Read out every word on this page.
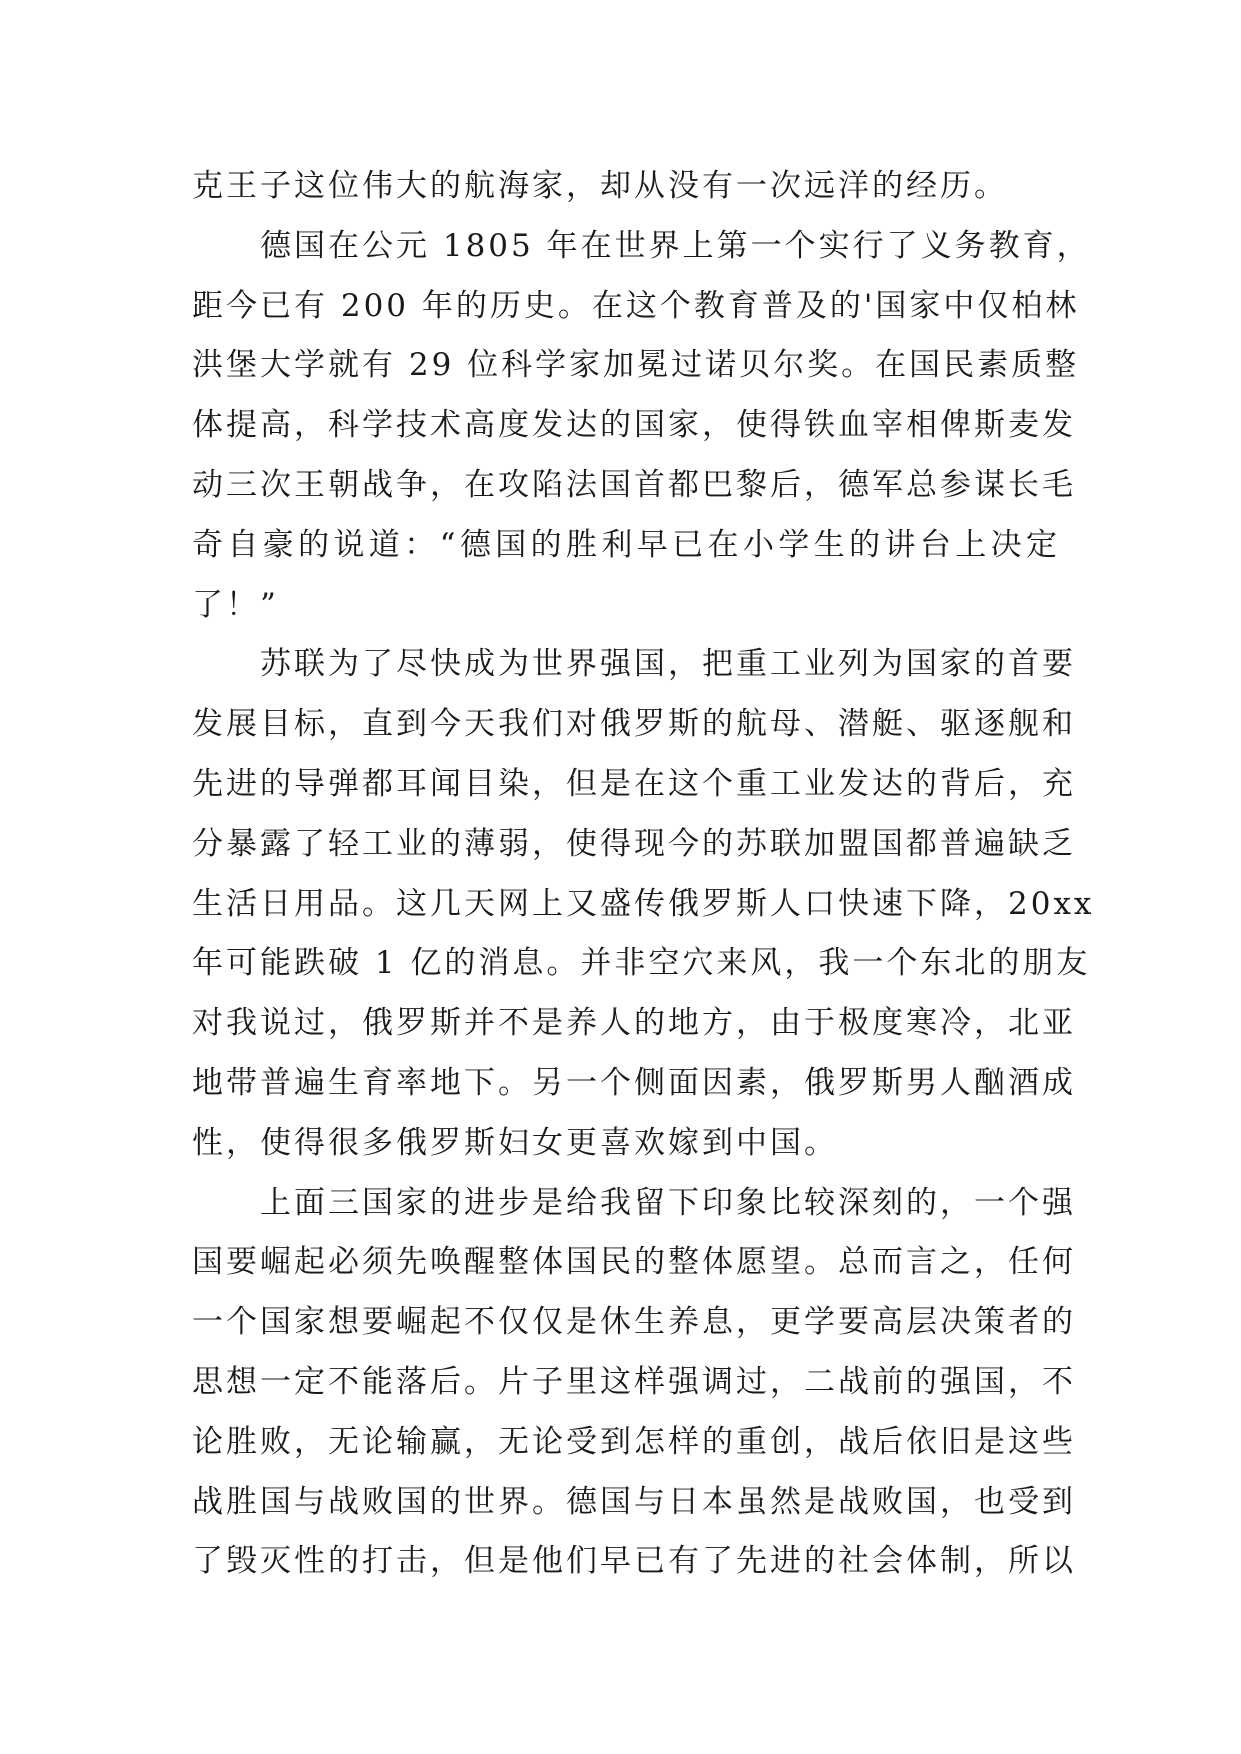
克王子这位伟大的航海家，却从没有一次远洋的经历。
德国在公元 1805 年在世界上第一个实行了义务教育，
距今已有 200 年的历史。在这个教育普及的'国家中仅柏林
洪堡大学就有 29 位科学家加冕过诺贝尔奖。在国民素质整
体提高，科学技术高度发达的国家，使得铁血宰相俾斯麦发
动三次王朝战争，在攻陷法国首都巴黎后，德军总参谋长毛
奇自豪的说道：“德国的胜利早已在小学生的讲台上决定
了！”
苏联为了尽快成为世界强国，把重工业列为国家的首要
发展目标，直到今天我们对俄罗斯的航母、潜艇、驱逐舰和
先进的导弹都耳闻目染，但是在这个重工业发达的背后，充
分暴露了轻工业的薄弱，使得现今的苏联加盟国都普遍缺乏
生活日用品。这几天网上又盛传俄罗斯人口快速下降，20xx
年可能跌破 1 亿的消息。并非空穴来风，我一个东北的朋友
对我说过，俄罗斯并不是养人的地方，由于极度寒冷，北亚
地带普遍生育率地下。另一个侧面因素，俄罗斯男人酗酒成
性，使得很多俄罗斯妇女更喜欢嫁到中国。
上面三国家的进步是给我留下印象比较深刻的，一个强
国要崛起必须先唤醒整体国民的整体愿望。总而言之，任何
一个国家想要崛起不仅仅是休生养息，更学要高层决策者的
思想一定不能落后。片子里这样强调过，二战前的强国，不
论胜败，无论输赢，无论受到怎样的重创，战后依旧是这些
战胜国与战败国的世界。德国与日本虽然是战败国，也受到
了毁灭性的打击，但是他们早已有了先进的社会体制，所以
